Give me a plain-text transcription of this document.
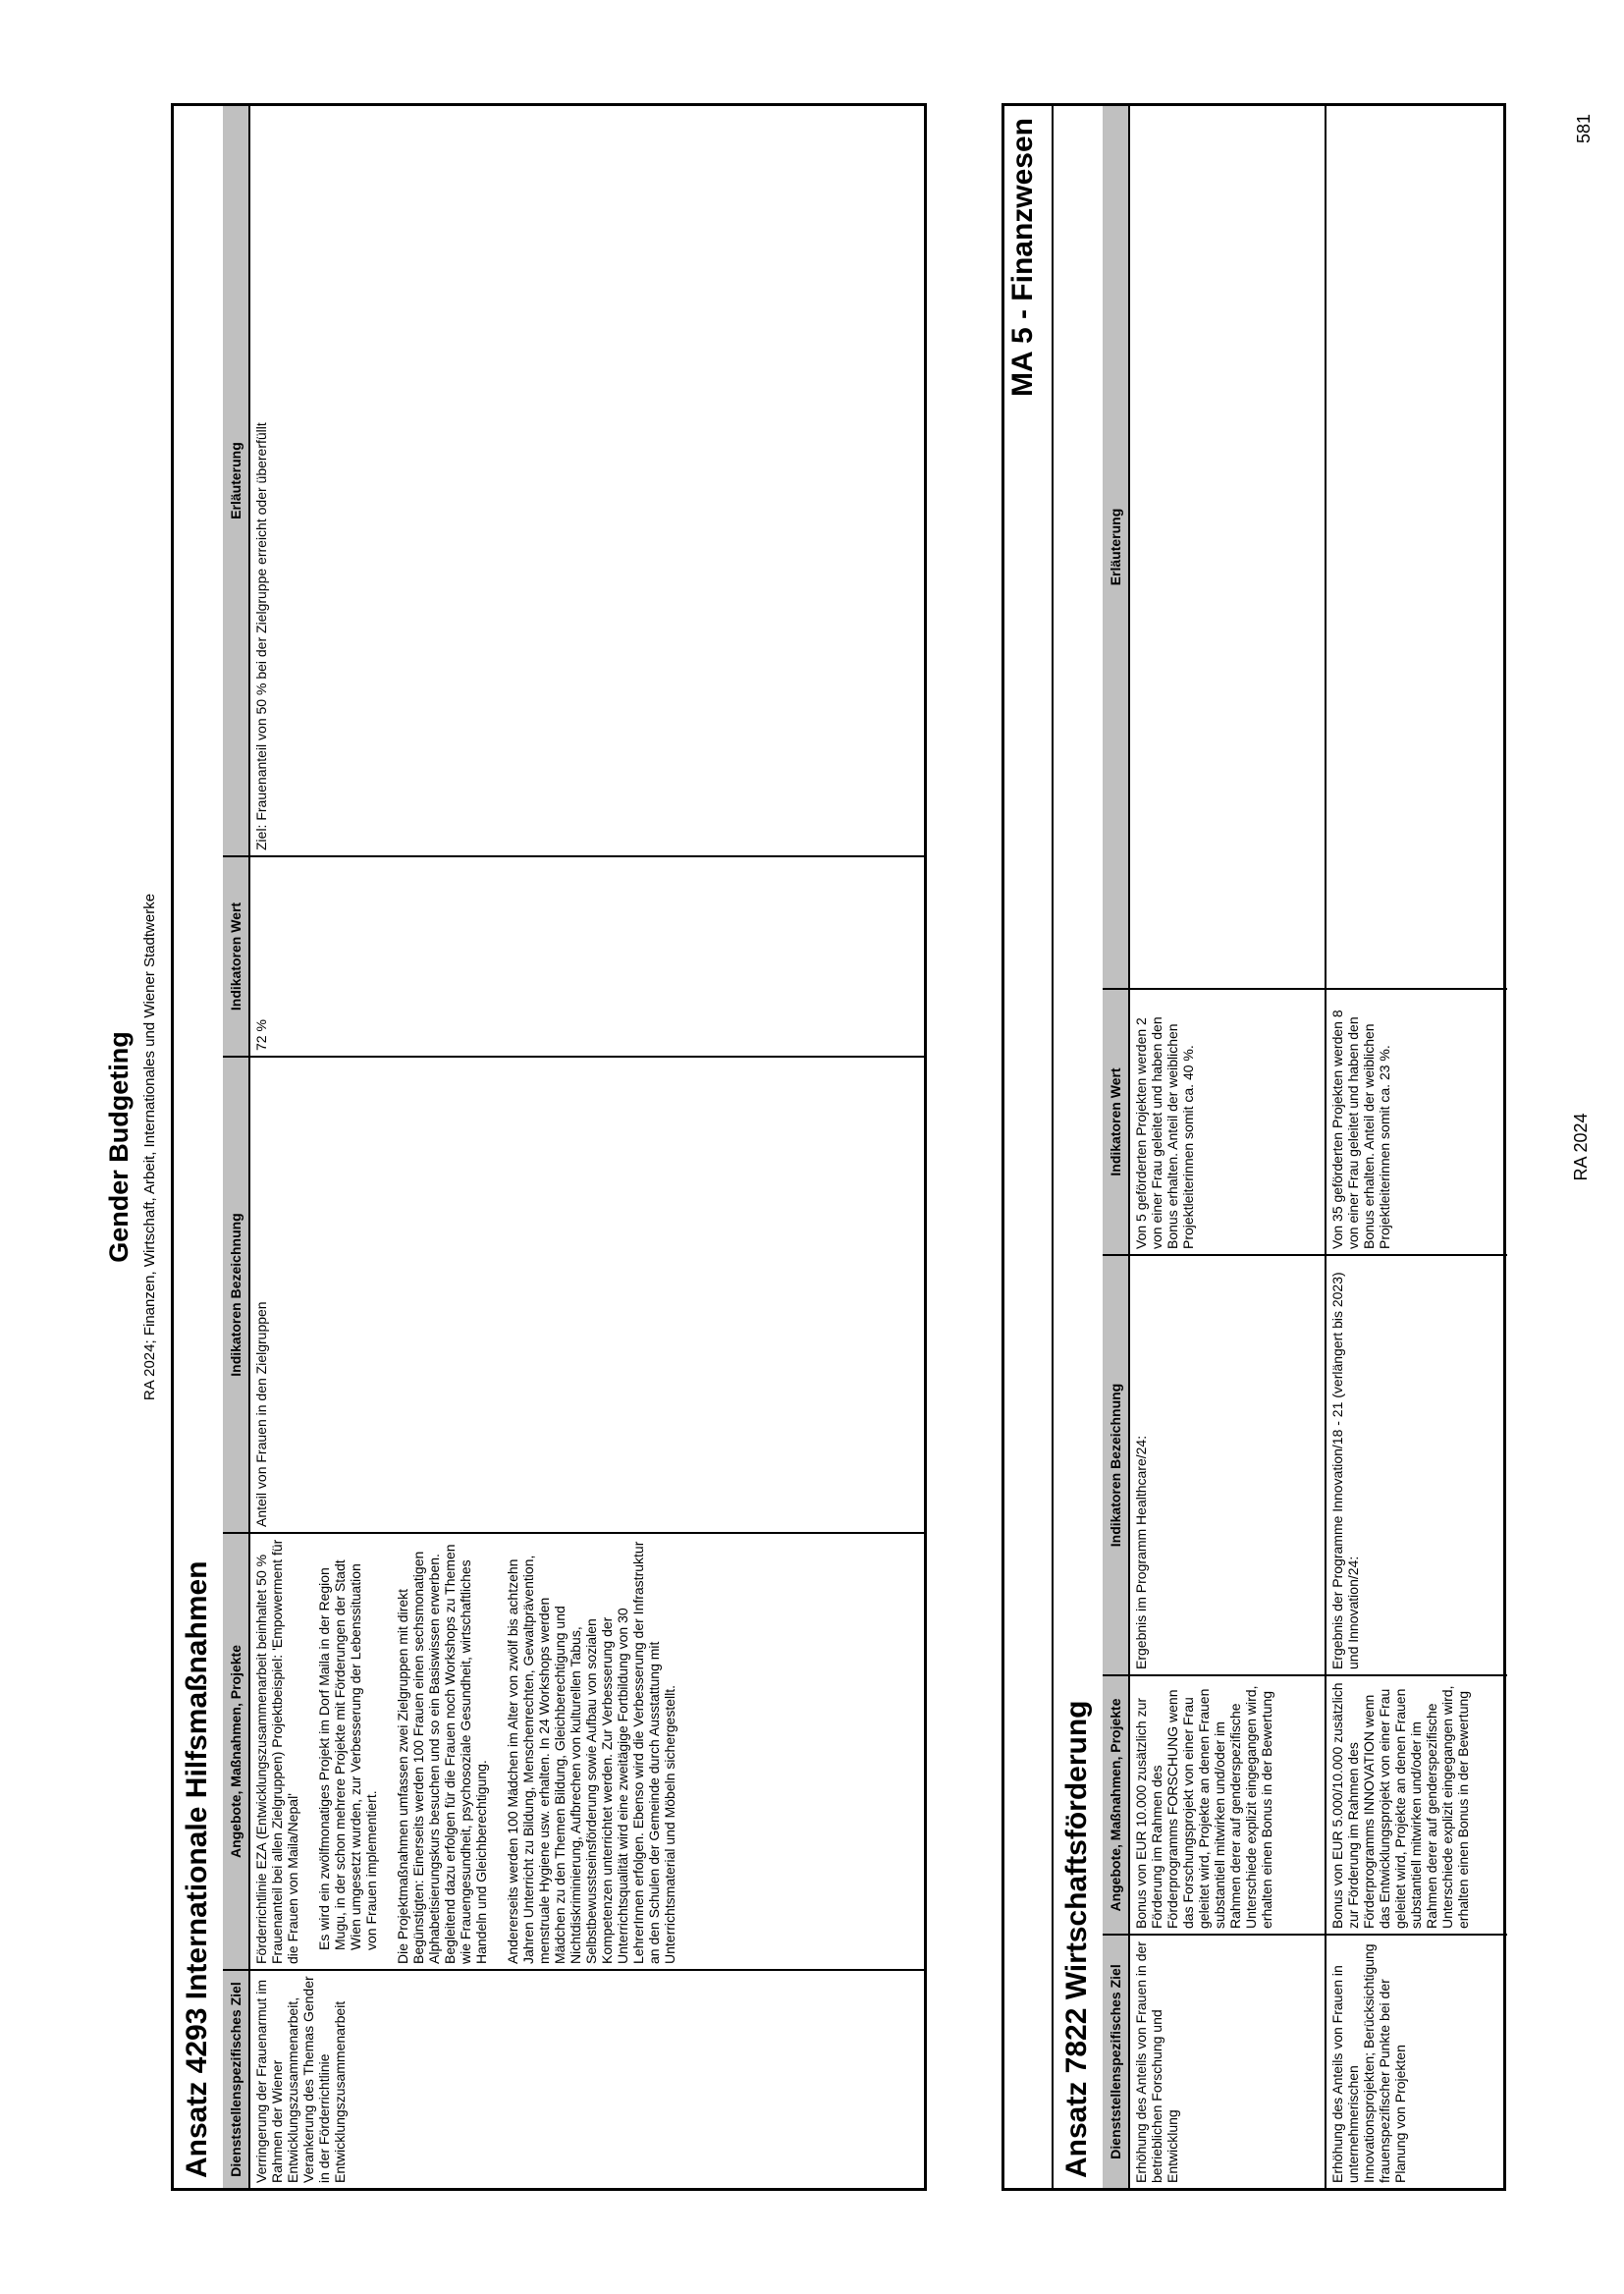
Gender Budgeting RA 2024; Finanzen, Wirtschaft, Arbeit, Internationales und Wiener Stadtwerke
Ansatz 4293 Internationale Hilfsmaßnahmen Dienststellenspezifisches Ziel	Angebote, Maßnahmen, Projekte	Indikatoren Bezeichnung	Indikatoren Wert	Erläuterung
Verringerung der Frauenarmut im Rahmen der Wiener Entwicklungszusammenarbeit, Verankerung des Themas Gender in der Förderrichtlinie Entwicklungszusammenarbeit	Förderrichtlinie EZA (Entwicklungszusammenarbeit beinhaltet 50 % Frauenanteil bei allen Zielgruppen) Projektbeispiel: 'Empowerment für die Frauen von Maila/Nepal' Es wird ein zwölfmonatiges Projekt im Dorf Maila in der Region Mugu, in der schon mehrere Projekte mit Förderungen der Stadt Wien umgesetzt wurden, zur Verbesserung der Lebenssituation von Frauen implementiert. Die Projektmaßnahmen umfassen zwei Zielgruppen mit direkt Begünstigten: Einerseits werden 100 Frauen einen sechsmonatigen Alphabetisierungskurs besuchen und so ein Basiswissen erwerben. Begleitend dazu erfolgen für die Frauen noch Workshops zu Themen wie Frauengesundheit, psychosoziale Gesundheit, wirtschaftliches Handeln und Gleichberechtigung. Andererseits werden 100 Mädchen im Alter von zwölf bis achtzehn Jahren Unterricht zu Bildung, Menschenrechten, Gewaltprävention, menstruale Hygiene usw. erhalten. In 24 Workshops werden Mädchen zu den Themen Bildung, Gleichberechtigung und Nichtdiskriminierung, Aufbrechen von kulturellen Tabus, Selbstbewusstseinsförderung sowie Aufbau von sozialen Kompetenzen unterrichtet werden. Zur Verbesserung der Unterrichtsqualität wird eine zweitägige Fortbildung von 30 LehrerInnen erfolgen. Ebenso wird die Verbesserung der Infrastruktur an den Schulen der Gemeinde durch Ausstattung mit Unterrichtsmaterial und Möbeln sichergestellt.	Anteil von Frauen in den Zielgruppen	72 %	Ziel: Frauenanteil von 50 % bei der Zielgruppe erreicht oder übererfüllt
MA 5 - Finanzwesen
Ansatz 7822 Wirtschaftsförderung Dienststellenspezifisches Ziel	Angebote, Maßnahmen, Projekte	Indikatoren Bezeichnung	Indikatoren Wert	Erläuterung
Erhöhung des Anteils von Frauen in der betrieblichen Forschung und Entwicklung	Bonus von EUR 10.000 zusätzlich zur Förderung im Rahmen des Förderprogramms FORSCHUNG wenn das Forschungsprojekt von einer Frau geleitet wird, Projekte an denen Frauen substantiell mitwirken und/oder im Rahmen derer auf genderspezifische Unterschiede explizit eingegangen wird, erhalten einen Bonus in der Bewertung	Ergebnis im Programm Healthcare/24:	Von 5 geförderten Projekten werden 2 von einer Frau geleitet und haben den Bonus erhalten. Anteil der weiblichen Projektleiterinnen somit ca. 40 %.	
Erhöhung des Anteils von Frauen in unternehmerischen Innovationsprojekten; Berücksichtigung frauenspezifischer Punkte bei der Planung von Projekten	Bonus von EUR 5.000/10.000 zusätzlich zur Förderung im Rahmen des Förderprogramms INNOVATION wenn das Entwicklungsprojekt von einer Frau geleitet wird, Projekte an denen Frauen substantiell mitwirken und/oder im Rahmen derer auf genderspezifische Unterschiede explizit eingegangen wird, erhalten einen Bonus in der Bewertung	Ergebnis der Programme Innovation/18 - 21 (verlängert bis 2023) und Innovation/24:	Von 35 geförderten Projekten werden 8 von einer Frau geleitet und haben den Bonus erhalten. Anteil der weiblichen Projektleiterinnen somit ca. 23 %.		RA 2024
581
